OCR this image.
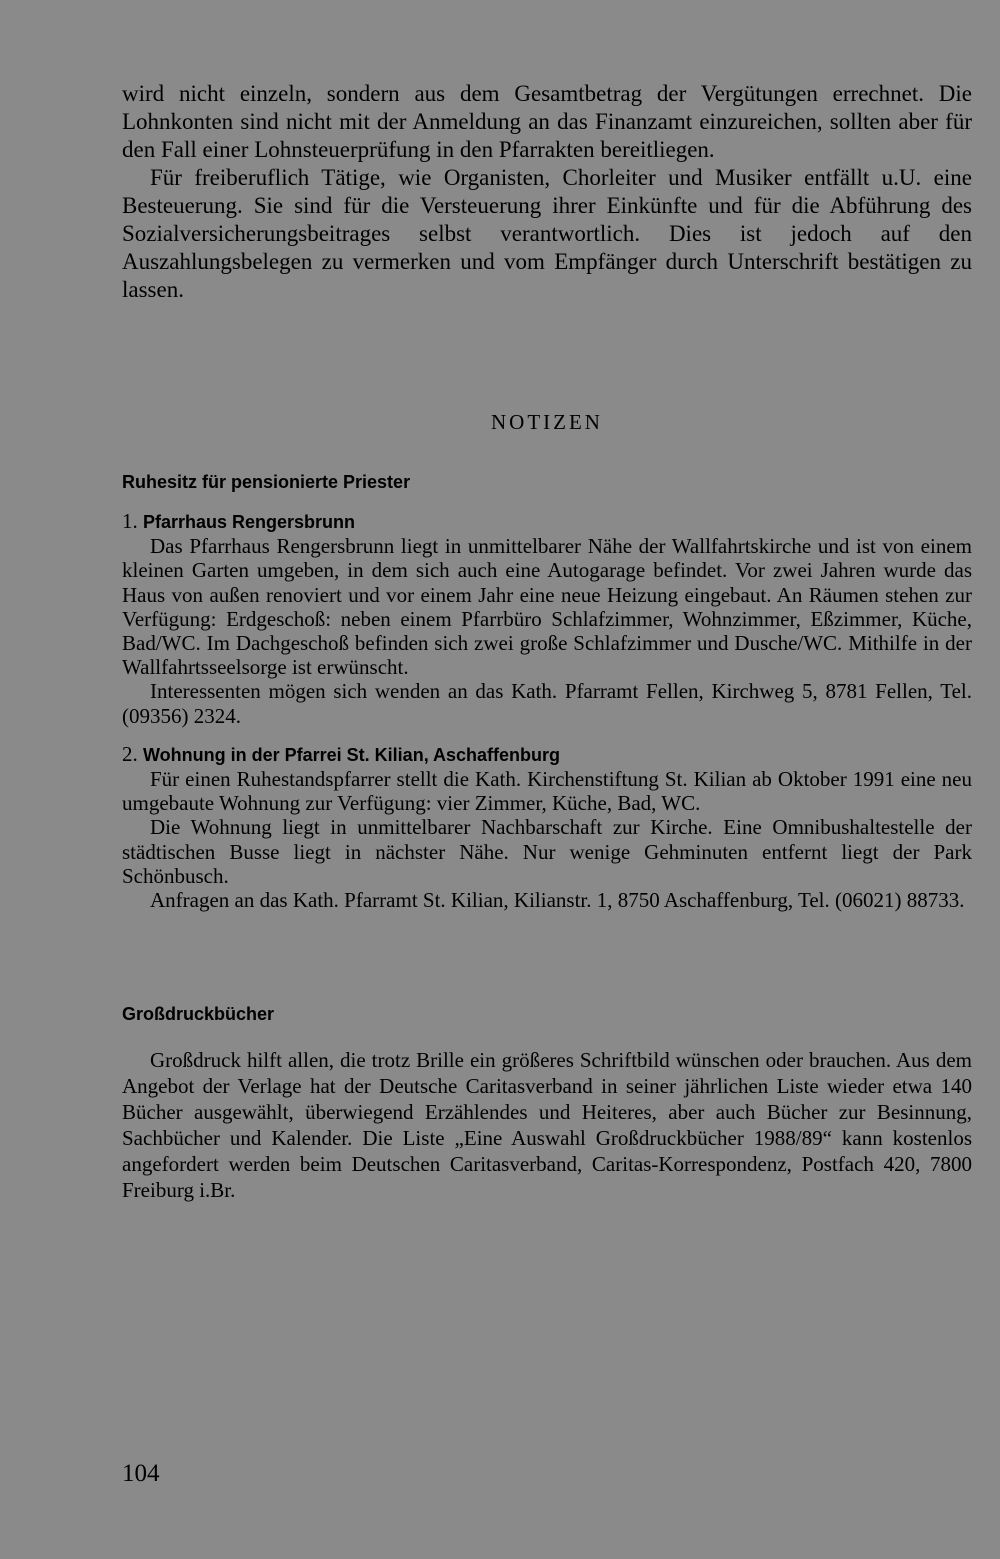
wird nicht einzeln, sondern aus dem Gesamtbetrag der Vergütungen errechnet. Die Lohnkonten sind nicht mit der Anmeldung an das Finanzamt einzureichen, sollten aber für den Fall einer Lohnsteuerprüfung in den Pfarrakten bereitliegen.

Für freiberuflich Tätige, wie Organisten, Chorleiter und Musiker entfällt u.U. eine Besteuerung. Sie sind für die Versteuerung ihrer Einkünfte und für die Abführung des Sozialversicherungsbeitrages selbst verantwortlich. Dies ist jedoch auf den Auszahlungsbelegen zu vermerken und vom Empfänger durch Unterschrift bestätigen zu lassen.

NOTIZEN
Ruhesitz für pensionierte Priester

1. Pfarrhaus Rengersbrunn

Das Pfarrhaus Rengersbrunn liegt in unmittelbarer Nähe der Wallfahrtskirche und ist von einem kleinen Garten umgeben, in dem sich auch eine Autogarage befindet. Vor zwei Jahren wurde das Haus von außen renoviert und vor einem Jahr eine neue Heizung eingebaut. An Räumen stehen zur Verfügung: Erdgeschoß: neben einem Pfarrbüro Schlafzimmer, Wohnzimmer, Eßzimmer, Küche, Bad/WC. Im Dachgeschoß befinden sich zwei große Schlafzimmer und Dusche/WC. Mithilfe in der Wallfahrtsseelsorge ist erwünscht.

Interessenten mögen sich wenden an das Kath. Pfarramt Fellen, Kirchweg 5, 8781 Fellen, Tel. (09356) 2324.

2. Wohnung in der Pfarrei St. Kilian, Aschaffenburg

Für einen Ruhestandspfarrer stellt die Kath. Kirchenstiftung St. Kilian ab Oktober 1991 eine neu umgebaute Wohnung zur Verfügung: vier Zimmer, Küche, Bad, WC.

Die Wohnung liegt in unmittelbarer Nachbarschaft zur Kirche. Eine Omnibushaltestelle der städtischen Busse liegt in nächster Nähe. Nur wenige Gehminuten entfernt liegt der Park Schönbusch.

Anfragen an das Kath. Pfarramt St. Kilian, Kilianstr. 1, 8750 Aschaffenburg, Tel. (06021) 88733.

Großdruckbücher

Großdruck hilft allen, die trotz Brille ein größeres Schriftbild wünschen oder brauchen. Aus dem Angebot der Verlage hat der Deutsche Caritasverband in seiner jährlichen Liste wieder etwa 140 Bücher ausgewählt, überwiegend Erzählendes und Heiteres, aber auch Bücher zur Besinnung, Sachbücher und Kalender. Die Liste „Eine Auswahl Großdruckbücher 1988/89“ kann kostenlos angefordert werden beim Deutschen Caritasverband, Caritas-Korrespondenz, Postfach 420, 7800 Freiburg i.Br.

104
